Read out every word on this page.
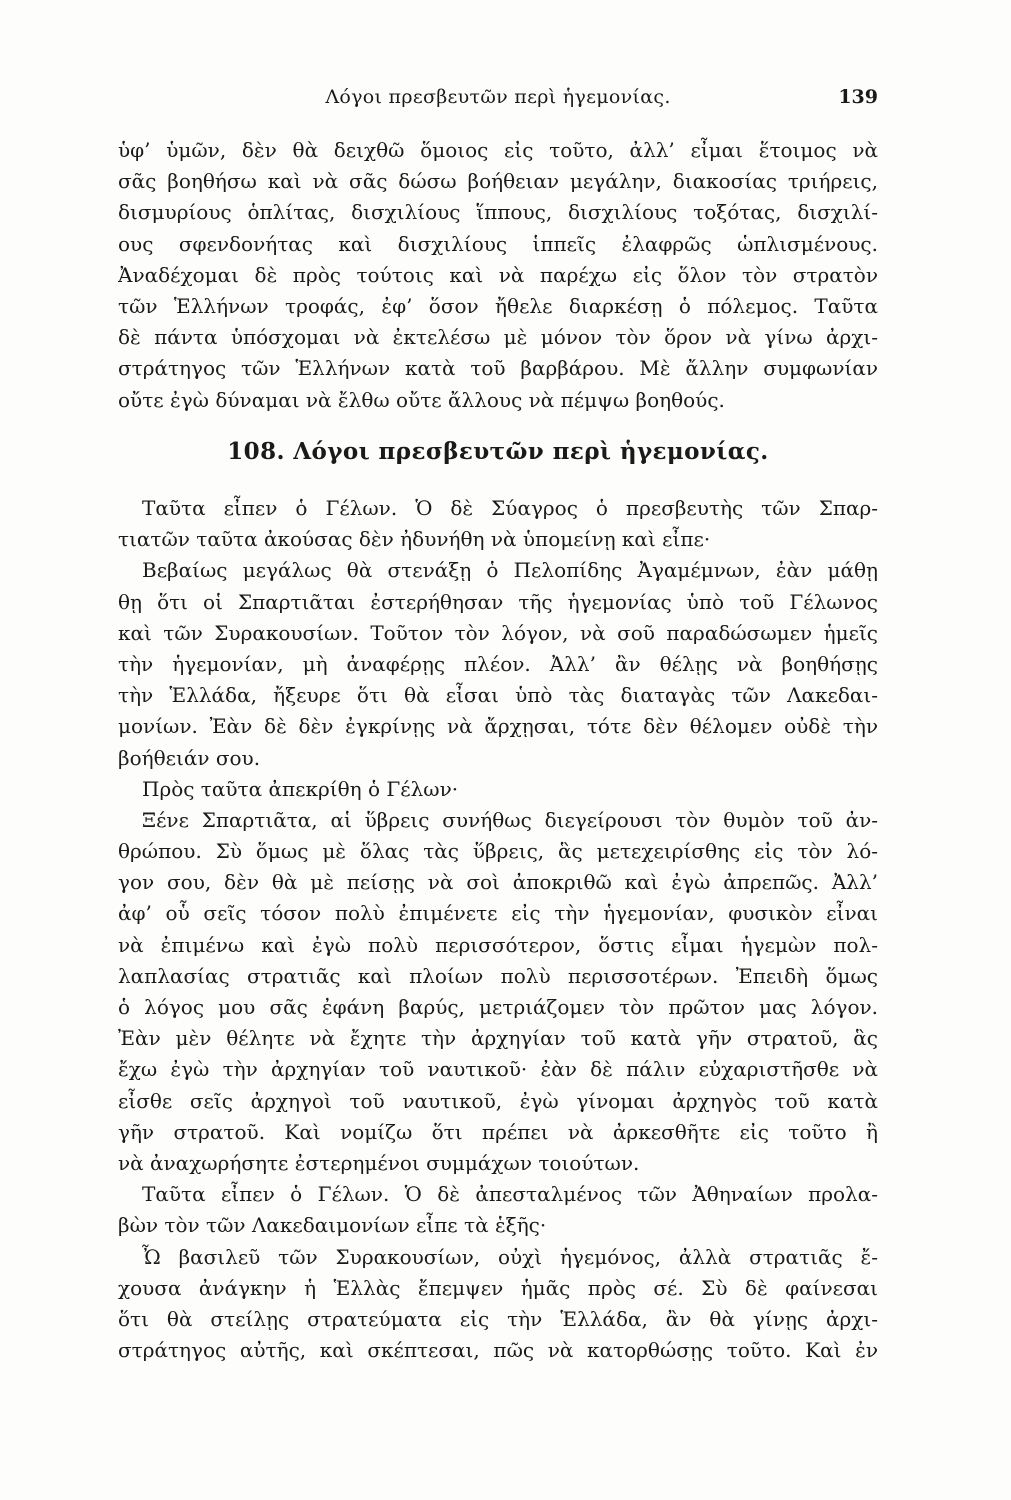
Λόγοι πρεσβευτῶν περὶ ἡγεμονίας.	139
ὑφ’ ὑμῶν, δὲν θὰ δειχθῶ ὅμοιος εἰς τοῦτο, ἀλλ’ εἶμαι ἕτοιμος νὰ
σᾶς βοηθήσω καὶ νὰ σᾶς δώσω βοήθειαν μεγάλην, διακοσίας τριήρεις,
δισμυρίους ὁπλίτας, δισχιλίους ἵππους, δισχιλίους τοξότας, δισχιλί-
ους σφενδονήτας καὶ δισχιλίους ἱππεῖς ἐλαφρῶς ὡπλισμένους.
Ἀναδέχομαι δὲ πρὸς τούτοις καὶ νὰ παρέχω εἰς ὅλον τὸν στρατὸν
τῶν Ἑλλήνων τροφάς, ἐφ’ ὅσον ἤθελε διαρκέσῃ ὁ πόλεμος. Ταῦτα
δὲ πάντα ὑπόσχομαι νὰ ἐκτελέσω μὲ μόνον τὸν ὅρον νὰ γίνω ἀρχι-
στράτηγος τῶν Ἑλλήνων κατὰ τοῦ βαρβάρου. Μὲ ἄλλην συμφωνίαν
οὔτε ἐγὼ δύναμαι νὰ ἔλθω οὔτε ἄλλους νὰ πέμψω βοηθούς.
108. Λόγοι πρεσβευτῶν περὶ ἡγεμονίας.
Ταῦτα εἶπεν ὁ Γέλων. Ὁ δὲ Σύαγρος ὁ πρεσβευτὴς τῶν Σπαρ-
τιατῶν ταῦτα ἀκούσας δὲν ἠδυνήθη νὰ ὑπομείνῃ καὶ εἶπε·
Βεβαίως μεγάλως θὰ στενάξῃ ὁ Πελοπίδης Ἀγαμέμνων, ἐὰν μάθῃ
θῃ ὅτι οἱ Σπαρτιᾶται ἐστερήθησαν τῆς ἡγεμονίας ὑπὸ τοῦ Γέλωνος
καὶ τῶν Συρακουσίων. Τοῦτον τὸν λόγον, νὰ σοῦ παραδώσωμεν ἡμεῖς
τὴν ἡγεμονίαν, μὴ ἀναφέρῃς πλέον. Ἀλλ’ ἂν θέλῃς νὰ βοηθήσῃς
τὴν Ἑλλάδα, ἤξευρε ὅτι θὰ εἶσαι ὑπὸ τὰς διαταγὰς τῶν Λακεδαι-
μονίων. Ἐὰν δὲ δὲν ἐγκρίνῃς νὰ ἄρχῃσαι, τότε δὲν θέλομεν οὐδὲ τὴν
βοήθειάν σου.
Πρὸς ταῦτα ἀπεκρίθη ὁ Γέλων·
Ξένε Σπαρτιᾶτα, αἱ ὕβρεις συνήθως διεγείρουσι τὸν θυμὸν τοῦ ἀν-
θρώπου. Σὺ ὅμως μὲ ὅλας τὰς ὕβρεις, ἃς μετεχειρίσθης εἰς τὸν λό-
γον σου, δὲν θὰ μὲ πείσῃς νὰ σοὶ ἀποκριθῶ καὶ ἐγὼ ἀπρεπῶς. Ἀλλ’
ἀφ’ οὗ σεῖς τόσον πολὺ ἐπιμένετε εἰς τὴν ἡγεμονίαν, φυσικὸν εἶναι
νὰ ἐπιμένω καὶ ἐγὼ πολὺ περισσότερον, ὅστις εἶμαι ἡγεμὼν πολ-
λαπλασίας στρατιᾶς καὶ πλοίων πολὺ περισσοτέρων. Ἐπειδὴ ὅμως
ὁ λόγος μου σᾶς ἐφάνη βαρύς, μετριάζομεν τὸν πρῶτον μας λόγον.
Ἐὰν μὲν θέλητε νὰ ἔχητε τὴν ἀρχηγίαν τοῦ κατὰ γῆν στρατοῦ, ἃς
ἔχω ἐγὼ τὴν ἀρχηγίαν τοῦ ναυτικοῦ· ἐὰν δὲ πάλιν εὐχαριστῆσθε νὰ
εἶσθε σεῖς ἀρχηγοὶ τοῦ ναυτικοῦ, ἐγὼ γίνομαι ἀρχηγὸς τοῦ κατὰ
γῆν στρατοῦ. Καὶ νομίζω ὅτι πρέπει νὰ ἀρκεσθῆτε εἰς τοῦτο ἢ
νὰ ἀναχωρήσητε ἐστερημένοι συμμάχων τοιούτων.
Ταῦτα εἶπεν ὁ Γέλων. Ὁ δὲ ἀπεσταλμένος τῶν Ἀθηναίων προλα-
βὼν τὸν τῶν Λακεδαιμονίων εἶπε τὰ ἑξῆς·
Ὦ βασιλεῦ τῶν Συρακουσίων, οὐχὶ ἡγεμόνος, ἀλλὰ στρατιᾶς ἔ-
χουσα ἀνάγκην ἡ Ἑλλὰς ἔπεμψεν ἡμᾶς πρὸς σέ. Σὺ δὲ φαίνεσαι
ὅτι θὰ στείλῃς στρατεύματα εἰς τὴν Ἑλλάδα, ἂν θὰ γίνῃς ἀρχι-
στράτηγος αὐτῆς, καὶ σκέπτεσαι, πῶς νὰ κατορθώσῃς τοῦτο. Καὶ ἐν
